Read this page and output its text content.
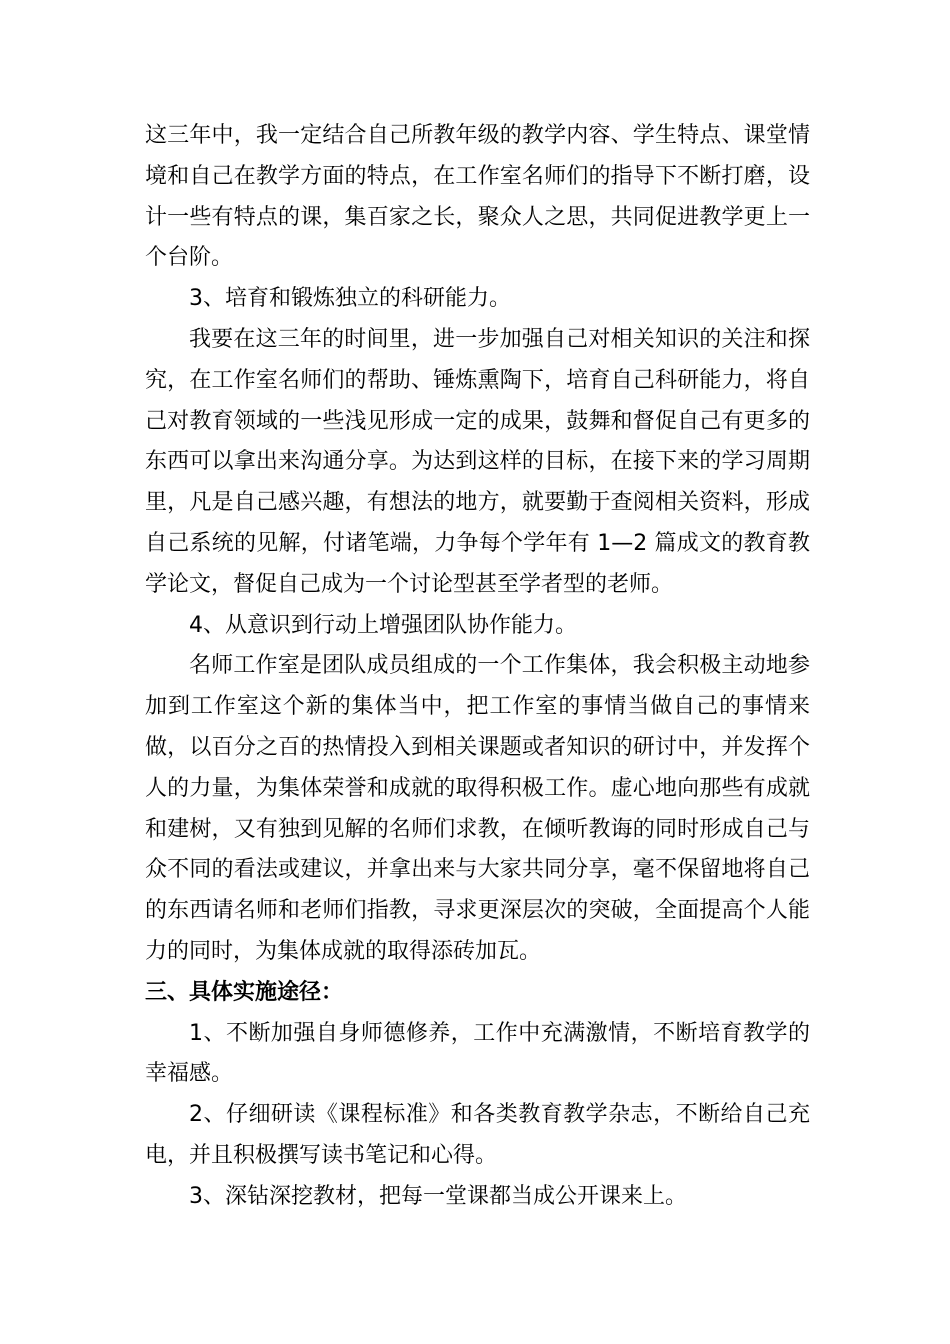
这三年中，我一定结合自己所教年级的教学内容、学生特点、课堂情境和自己在教学方面的特点，在工作室名师们的指导下不断打磨，设计一些有特点的课，集百家之长，聚众人之思，共同促进教学更上一个台阶。

3、培育和锻炼独立的科研能力。

我要在这三年的时间里，进一步加强自己对相关知识的关注和探究，在工作室名师们的帮助、锤炼熏陶下，培育自己科研能力，将自己对教育领域的一些浅见形成一定的成果，鼓舞和督促自己有更多的东西可以拿出来沟通分享。为达到这样的目标，在接下来的学习周期里，凡是自己感兴趣，有想法的地方，就要勤于查阅相关资料，形成自己系统的见解，付诸笔端，力争每个学年有 1—2 篇成文的教育教学论文，督促自己成为一个讨论型甚至学者型的老师。

4、从意识到行动上增强团队协作能力。

名师工作室是团队成员组成的一个工作集体，我会积极主动地参加到工作室这个新的集体当中，把工作室的事情当做自己的事情来做，以百分之百的热情投入到相关课题或者知识的研讨中，并发挥个人的力量，为集体荣誉和成就的取得积极工作。虚心地向那些有成就和建树，又有独到见解的名师们求教，在倾听教诲的同时形成自己与众不同的看法或建议，并拿出来与大家共同分享，毫不保留地将自己的东西请名师和老师们指教，寻求更深层次的突破，全面提高个人能力的同时，为集体成就的取得添砖加瓦。

三、具体实施途径：

1、不断加强自身师德修养，工作中充满激情，不断培育教学的幸福感。

2、仔细研读《课程标准》和各类教育教学杂志，不断给自己充电，并且积极撰写读书笔记和心得。

3、深钻深挖教材，把每一堂课都当成公开课来上。
